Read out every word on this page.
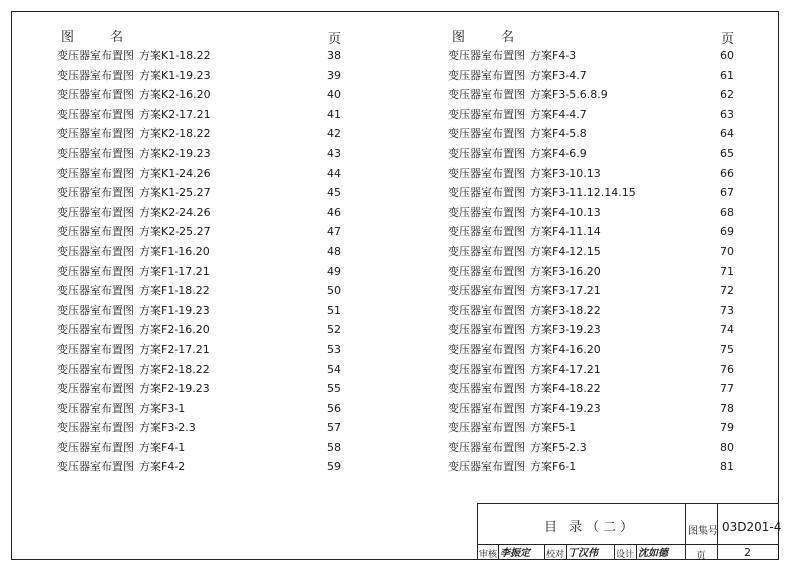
图 名	页
变压器室布置图 方案K1-18.22	38
变压器室布置图 方案K1-19.23	39
变压器室布置图 方案K2-16.20	40
变压器室布置图 方案K2-17.21	41
变压器室布置图 方案K2-18.22	42
变压器室布置图 方案K2-19.23	43
变压器室布置图 方案K1-24.26	44
变压器室布置图 方案K1-25.27	45
变压器室布置图 方案K2-24.26	46
变压器室布置图 方案K2-25.27	47
变压器室布置图 方案F1-16.20	48
变压器室布置图 方案F1-17.21	49
变压器室布置图 方案F1-18.22	50
变压器室布置图 方案F1-19.23	51
变压器室布置图 方案F2-16.20	52
变压器室布置图 方案F2-17.21	53
变压器室布置图 方案F2-18.22	54
变压器室布置图 方案F2-19.23	55
变压器室布置图 方案F3-1	56
变压器室布置图 方案F3-2.3	57
变压器室布置图 方案F4-1	58
变压器室布置图 方案F4-2	59
图 名	页
变压器室布置图 方案F4-3	60
变压器室布置图 方案F3-4.7	61
变压器室布置图 方案F3-5.6.8.9	62
变压器室布置图 方案F4-4.7	63
变压器室布置图 方案F4-5.8	64
变压器室布置图 方案F4-6.9	65
变压器室布置图 方案F3-10.13	66
变压器室布置图 方案F3-11.12.14.15	67
变压器室布置图 方案F4-10.13	68
变压器室布置图 方案F4-11.14	69
变压器室布置图 方案F4-12.15	70
变压器室布置图 方案F3-16.20	71
变压器室布置图 方案F3-17.21	72
变压器室布置图 方案F3-18.22	73
变压器室布置图 方案F3-19.23	74
变压器室布置图 方案F4-16.20	75
变压器室布置图 方案F4-17.21	76
变压器室布置图 方案F4-18.22	77
变压器室布置图 方案F4-19.23	78
变压器室布置图 方案F5-1	79
变压器室布置图 方案F5-2.3	80
变压器室布置图 方案F6-1	81
目 录（二）	图集号 03D201-4
页	2
审核 李振定 校对 丁汉伟 设计 沈如德
